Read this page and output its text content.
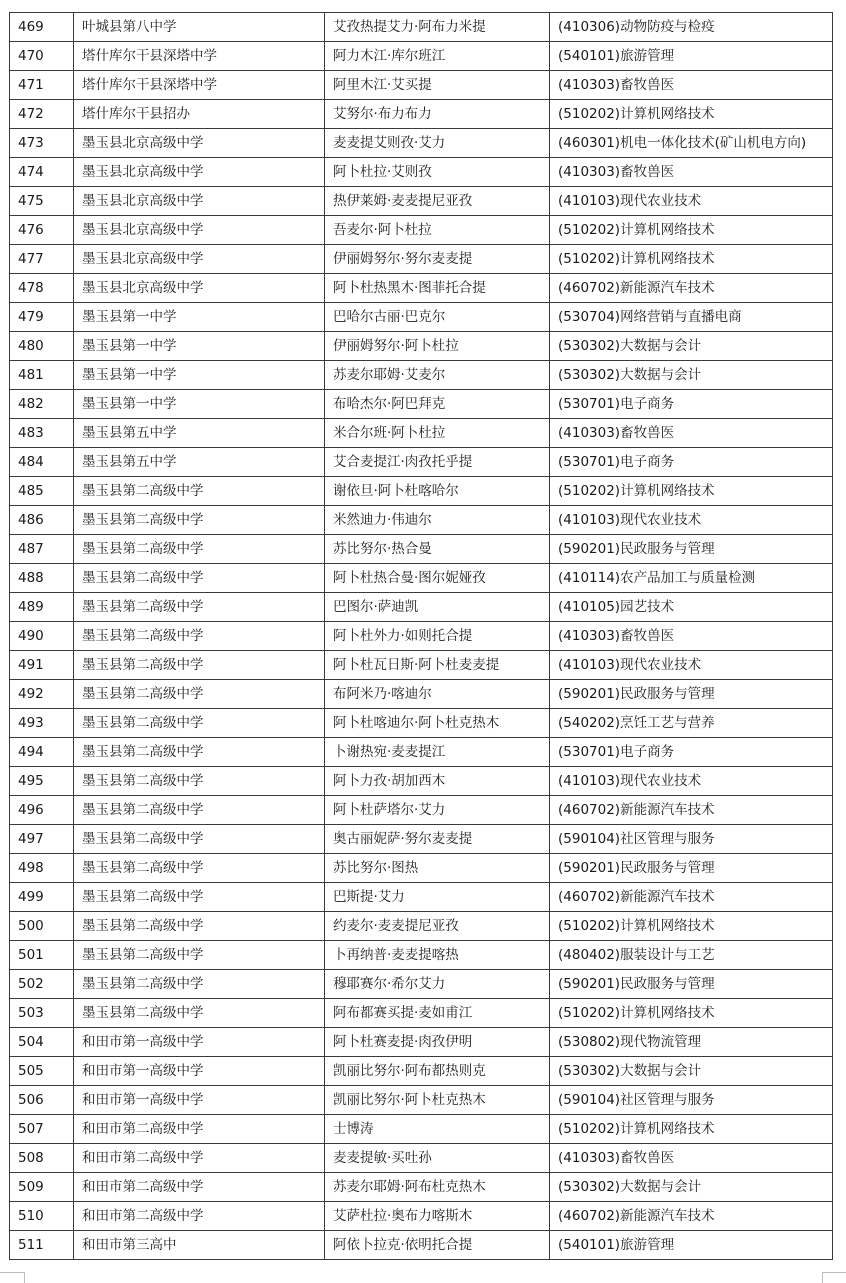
469	叶城县第八中学	艾孜热提艾力·阿布力米提	(410306)动物防疫与检疫
470	塔什库尔干县深塔中学	阿力木江·库尔班江	(540101)旅游管理
471	塔什库尔干县深塔中学	阿里木江·艾买提	(410303)畜牧兽医
472	塔什库尔干县招办	艾努尔·布力布力	(510202)计算机网络技术
473	墨玉县北京高级中学	麦麦提艾则孜·艾力	(460301)机电一体化技术(矿山机电方向)
474	墨玉县北京高级中学	阿卜杜拉·艾则孜	(410303)畜牧兽医
475	墨玉县北京高级中学	热伊莱姆·麦麦提尼亚孜	(410103)现代农业技术
476	墨玉县北京高级中学	吾麦尔·阿卜杜拉	(510202)计算机网络技术
477	墨玉县北京高级中学	伊丽姆努尔·努尔麦麦提	(510202)计算机网络技术
478	墨玉县北京高级中学	阿卜杜热黑木·图菲托合提	(460702)新能源汽车技术
479	墨玉县第一中学	巴哈尔古丽·巴克尔	(530704)网络营销与直播电商
480	墨玉县第一中学	伊丽姆努尔·阿卜杜拉	(530302)大数据与会计
481	墨玉县第一中学	苏麦尔耶姆·艾麦尔	(530302)大数据与会计
482	墨玉县第一中学	布哈杰尔·阿巴拜克	(530701)电子商务
483	墨玉县第五中学	米合尔班·阿卜杜拉	(410303)畜牧兽医
484	墨玉县第五中学	艾合麦提江·肉孜托乎提	(530701)电子商务
485	墨玉县第二高级中学	谢依旦·阿卜杜喀哈尔	(510202)计算机网络技术
486	墨玉县第二高级中学	米然迪力·伟迪尔	(410103)现代农业技术
487	墨玉县第二高级中学	苏比努尔·热合曼	(590201)民政服务与管理
488	墨玉县第二高级中学	阿卜杜热合曼·图尔妮娅孜	(410114)农产品加工与质量检测
489	墨玉县第二高级中学	巴图尔·萨迪凯	(410105)园艺技术
490	墨玉县第二高级中学	阿卜杜外力·如则托合提	(410303)畜牧兽医
491	墨玉县第二高级中学	阿卜杜瓦日斯·阿卜杜麦麦提	(410103)现代农业技术
492	墨玉县第二高级中学	布阿米乃·喀迪尔	(590201)民政服务与管理
493	墨玉县第二高级中学	阿卜杜喀迪尔·阿卜杜克热木	(540202)烹饪工艺与营养
494	墨玉县第二高级中学	卜谢热宛·麦麦提江	(530701)电子商务
495	墨玉县第二高级中学	阿卜力孜·胡加西木	(410103)现代农业技术
496	墨玉县第二高级中学	阿卜杜萨塔尔·艾力	(460702)新能源汽车技术
497	墨玉县第二高级中学	奥古丽妮萨·努尔麦麦提	(590104)社区管理与服务
498	墨玉县第二高级中学	苏比努尔·图热	(590201)民政服务与管理
499	墨玉县第二高级中学	巴斯提·艾力	(460702)新能源汽车技术
500	墨玉县第二高级中学	约麦尔·麦麦提尼亚孜	(510202)计算机网络技术
501	墨玉县第二高级中学	卜再纳普·麦麦提喀热	(480402)服装设计与工艺
502	墨玉县第二高级中学	穆耶赛尔·希尔艾力	(590201)民政服务与管理
503	墨玉县第二高级中学	阿布都赛买提·麦如甫江	(510202)计算机网络技术
504	和田市第一高级中学	阿卜杜赛麦提·肉孜伊明	(530802)现代物流管理
505	和田市第一高级中学	凯丽比努尔·阿布都热则克	(530302)大数据与会计
506	和田市第一高级中学	凯丽比努尔·阿卜杜克热木	(590104)社区管理与服务
507	和田市第二高级中学	士博涛	(510202)计算机网络技术
508	和田市第二高级中学	麦麦提敏·买吐孙	(410303)畜牧兽医
509	和田市第二高级中学	苏麦尔耶姆·阿布杜克热木	(530302)大数据与会计
510	和田市第二高级中学	艾萨杜拉·奥布力喀斯木	(460702)新能源汽车技术
511	和田市第三高中	阿依卜拉克·依明托合提	(540101)旅游管理
